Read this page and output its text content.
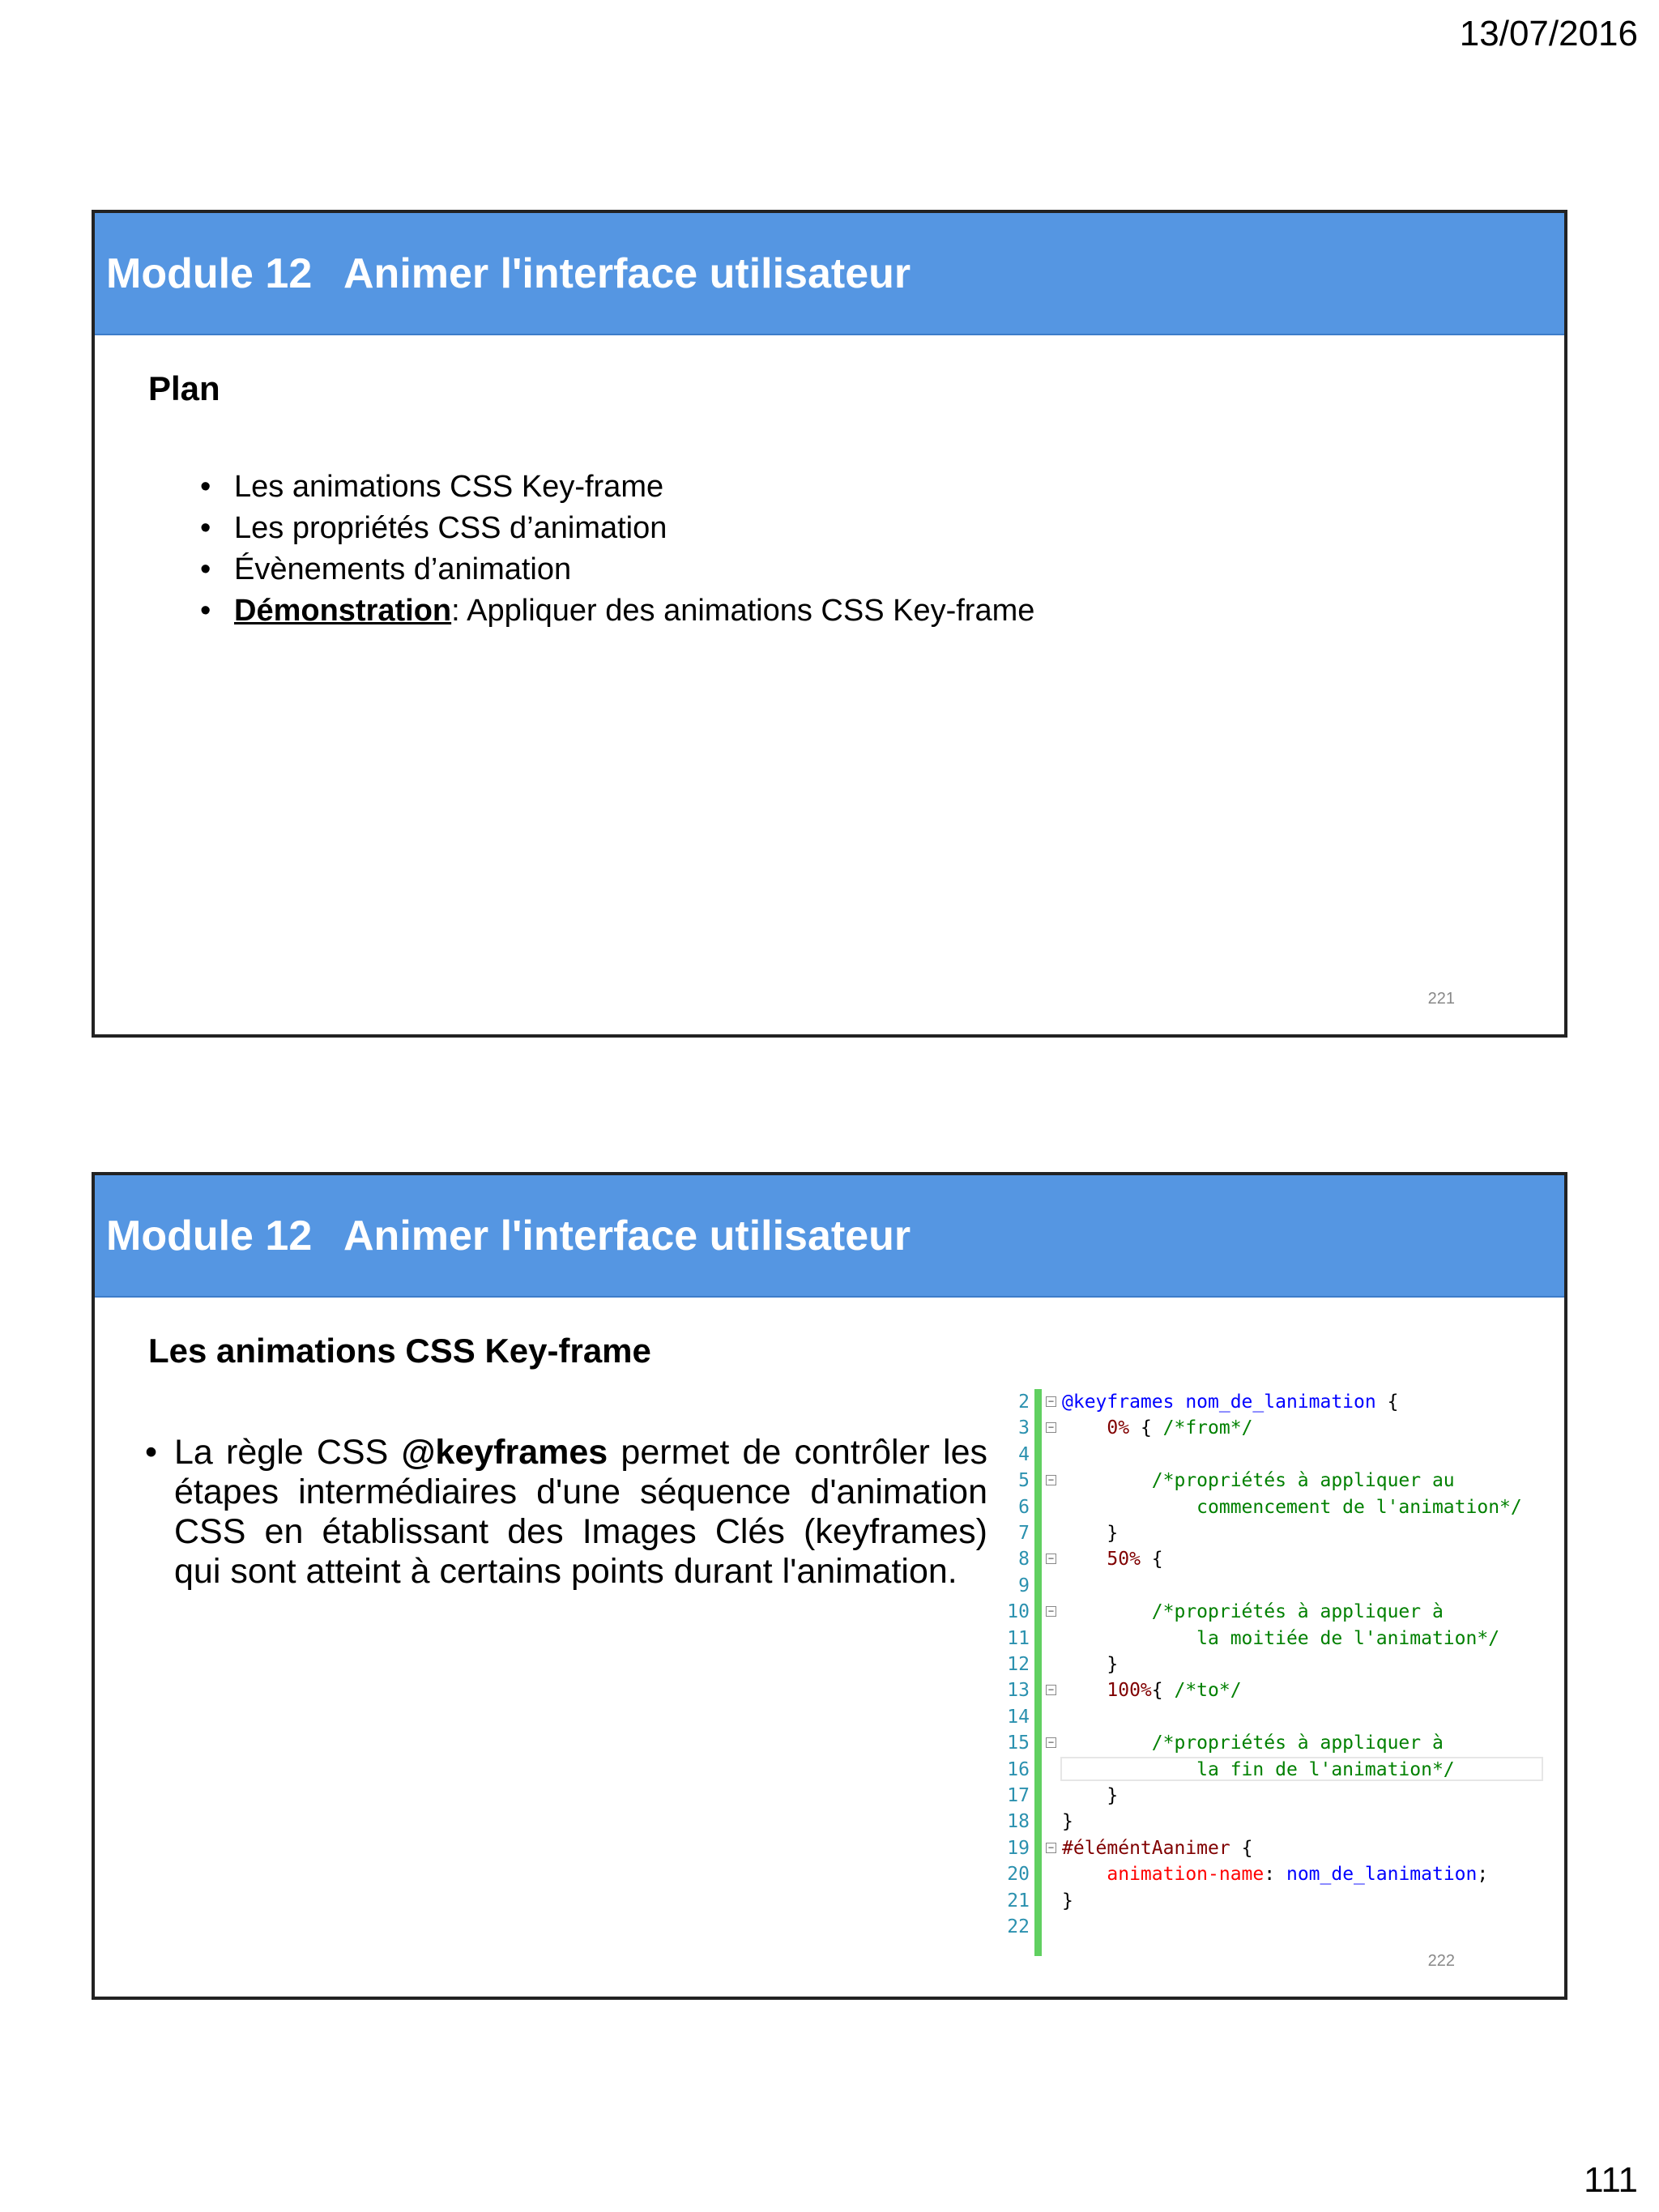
13/07/2016
Module 12 Animer l'interface utilisateur
Plan
• Les animations CSS Key-frame
• Les propriétés CSS d’animation
• Évènements d’animation
• Démonstration: Appliquer des animations CSS Key-frame
221
Module 12 Animer l'interface utilisateur
Les animations CSS Key-frame
• La règle CSS @keyframes permet de contrôler les étapes intermédiaires d'une séquence d'animation CSS en établissant des Images Clés (keyframes) qui sont atteint à certains points durant l'animation.
2 − @keyframes nom_de_lanimation {
3 −	0% { /*from*/
4
5 − /*propriétés à appliquer au
6 commencement de l'animation*/
7 }
8 −	50% {
9
10 − /*propriétés à appliquer à
11 la moitiée de l'animation*/
12 }
13 −	100%{ /*to*/
14
15 − /*propriétés à appliquer à
16 la fin de l'animation*/
17 }
18 }
19 − #éléméntAanimer {
20	animation-name: nom_de_lanimation;
21 }
22
222
111
